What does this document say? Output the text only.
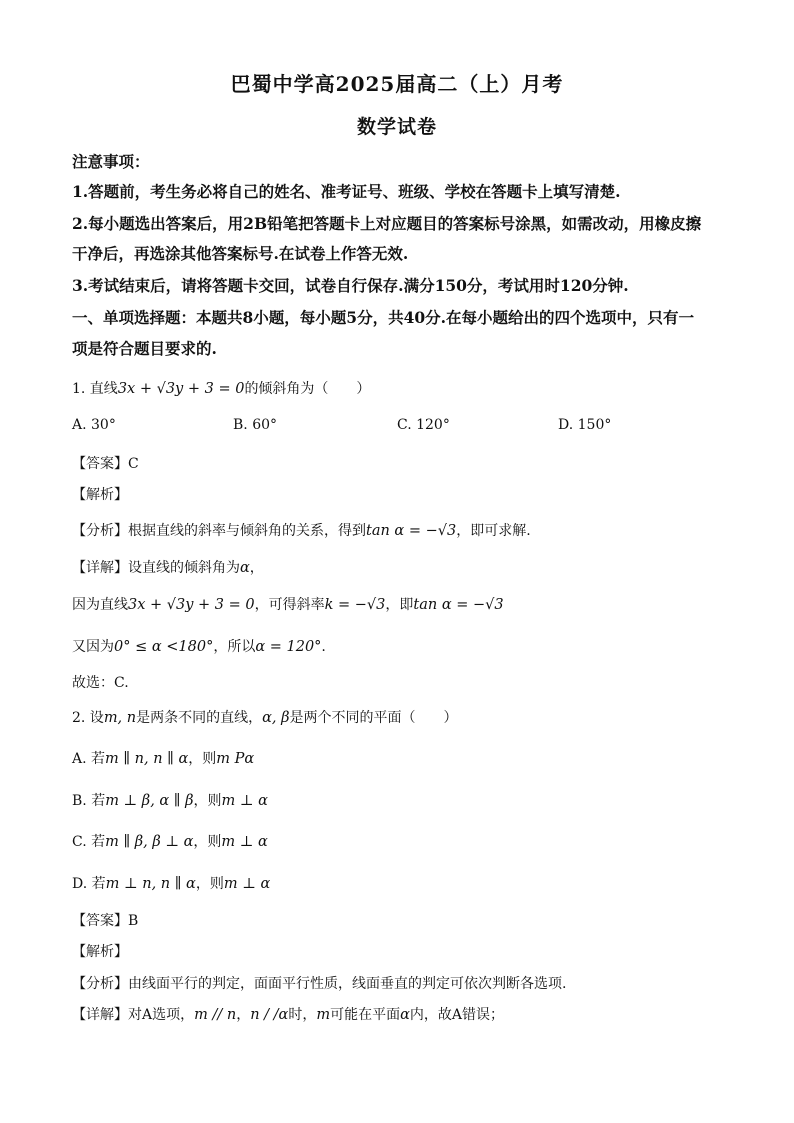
巴蜀中学高2025届高二（上）月考
数学试卷
注意事项：
1.答题前，考生务必将自己的姓名、准考证号、班级、学校在答题卡上填写清楚.
2.每小题选出答案后，用2B铅笔把答题卡上对应题目的答案标号涂黑，如需改动，用橡皮擦
干净后，再选涂其他答案标号.在试卷上作答无效.
3.考试结束后，请将答题卡交回，试卷自行保存.满分150分，考试用时120分钟.
一、单项选择题：本题共8小题，每小题5分，共40分.在每小题给出的四个选项中，只有一
项是符合题目要求的.
1. 直线3x + √3y + 3 = 0的倾斜角为（　　）
A. 30°	B. 60°	C. 120°	D. 150°
【答案】C
【解析】
【分析】根据直线的斜率与倾斜角的关系，得到tan α = −√3，即可求解.
【详解】设直线的倾斜角为α，
因为直线3x + √3y + 3 = 0，可得斜率k = −√3，即tan α = −√3
又因为0° ≤ α <180°，所以α = 120°.
故选：C.
2. 设m, n是两条不同的直线，α, β是两个不同的平面（　　）
A. 若m ∥ n, n ∥ α，则m Pα
B. 若m ⊥ β, α ∥ β，则m ⊥ α
C. 若m ∥ β, β ⊥ α，则m ⊥ α
D. 若m ⊥ n, n ∥ α，则m ⊥ α
【答案】B
【解析】
【分析】由线面平行的判定，面面平行性质，线面垂直的判定可依次判断各选项.
【详解】对A选项，m // n，n / /α时，m可能在平面α内，故A错误；
